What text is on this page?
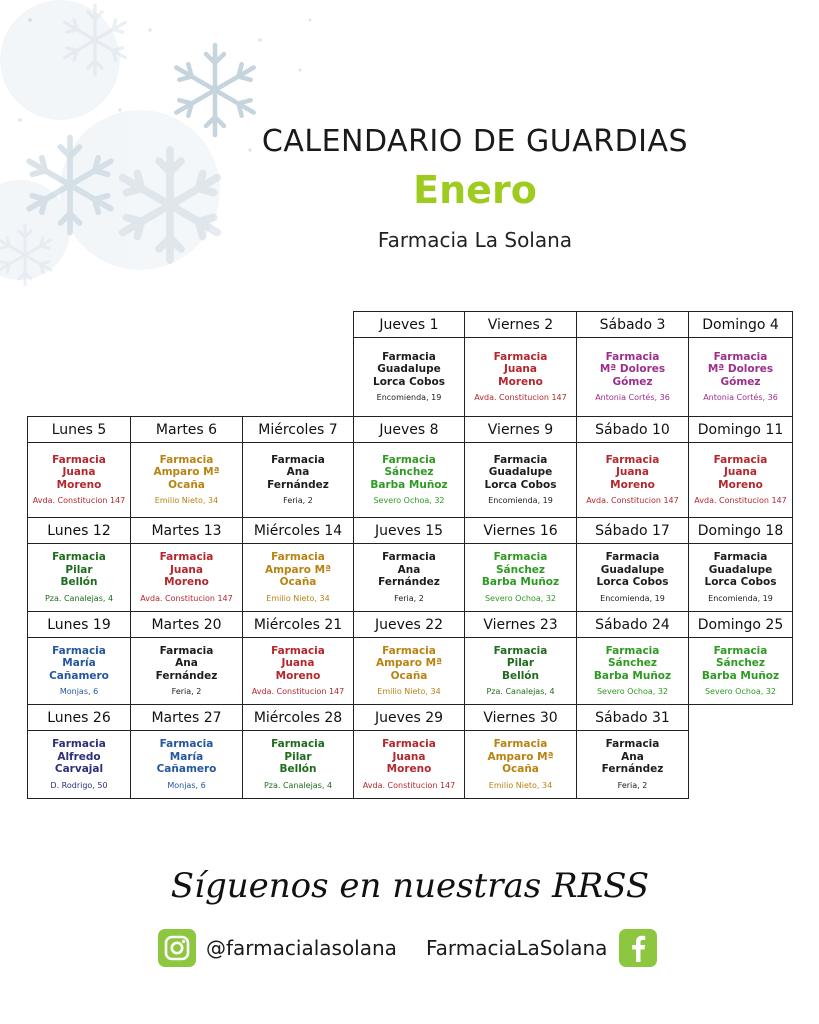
CALENDARIO DE GUARDIAS
Enero
Farmacia La Solana
Jueves 1
Farmacia
Guadalupe
Lorca Cobos
Encomienda, 19
Viernes 2
Farmacia
Juana
Moreno
Avda. Constitucion 147
Sábado 3
Farmacia
Mª Dolores
Gómez
Antonia Cortés, 36
Domingo 4
Farmacia
Mª Dolores
Gómez
Antonia Cortés, 36
Lunes 5
Farmacia
Juana
Moreno
Avda. Constitucion 147
Martes 6
Farmacia
Amparo Mª
Ocaña
Emilio Nieto, 34
Miércoles 7
Farmacia
Ana
Fernández
Feria, 2
Jueves 8
Farmacia
Sánchez
Barba Muñoz
Severo Ochoa, 32
Viernes 9
Farmacia
Guadalupe
Lorca Cobos
Encomienda, 19
Sábado 10
Farmacia
Juana
Moreno
Avda. Constitucion 147
Domingo 11
Farmacia
Juana
Moreno
Avda. Constitucion 147
Lunes 12
Farmacia
Pilar
Bellón
Pza. Canalejas, 4
Martes 13
Farmacia
Juana
Moreno
Avda. Constitucion 147
Miércoles 14
Farmacia
Amparo Mª
Ocaña
Emilio Nieto, 34
Jueves 15
Farmacia
Ana
Fernández
Feria, 2
Viernes 16
Farmacia
Sánchez
Barba Muñoz
Severo Ochoa, 32
Sábado 17
Farmacia
Guadalupe
Lorca Cobos
Encomienda, 19
Domingo 18
Farmacia
Guadalupe
Lorca Cobos
Encomienda, 19
Lunes 19
Farmacia
María
Cañamero
Monjas, 6
Martes 20
Farmacia
Ana
Fernández
Feria, 2
Miércoles 21
Farmacia
Juana
Moreno
Avda. Constitucion 147
Jueves 22
Farmacia
Amparo Mª
Ocaña
Emilio Nieto, 34
Viernes 23
Farmacia
Pilar
Bellón
Pza. Canalejas, 4
Sábado 24
Farmacia
Sánchez
Barba Muñoz
Severo Ochoa, 32
Domingo 25
Farmacia
Sánchez
Barba Muñoz
Severo Ochoa, 32
Lunes 26
Farmacia
Alfredo
Carvajal
D. Rodrigo, 50
Martes 27
Farmacia
María
Cañamero
Monjas, 6
Miércoles 28
Farmacia
Pilar
Bellón
Pza. Canalejas, 4
Jueves 29
Farmacia
Juana
Moreno
Avda. Constitucion 147
Viernes 30
Farmacia
Amparo Mª
Ocaña
Emilio Nieto, 34
Sábado 31
Farmacia
Ana
Fernández
Feria, 2
Síguenos en nuestras RRSS
@farmacialasolana FarmaciaLaSolana
